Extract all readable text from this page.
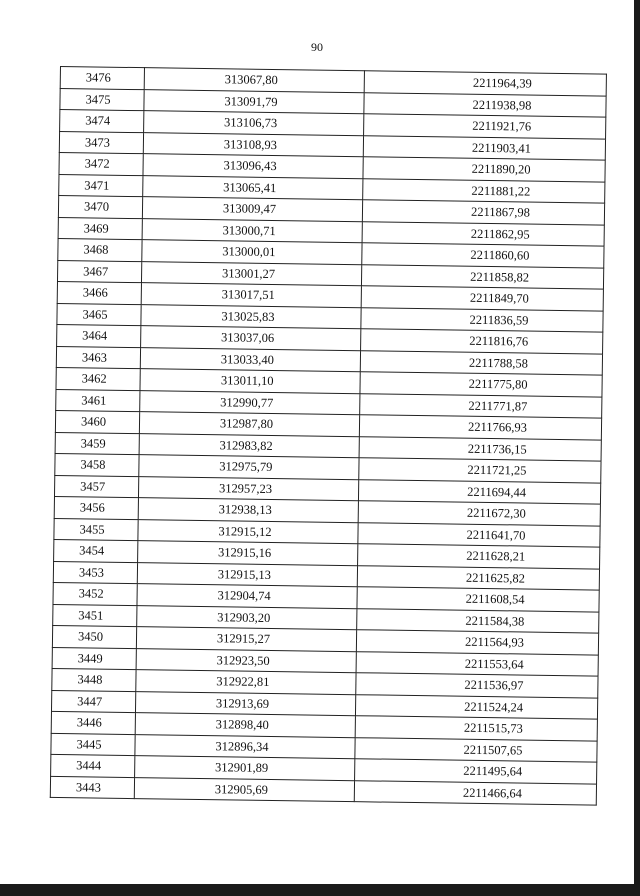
90
3476	313067,80	2211964,39
3475	313091,79	2211938,98
3474	313106,73	2211921,76
3473	313108,93	2211903,41
3472	313096,43	2211890,20
3471	313065,41	2211881,22
3470	313009,47	2211867,98
3469	313000,71	2211862,95
3468	313000,01	2211860,60
3467	313001,27	2211858,82
3466	313017,51	2211849,70
3465	313025,83	2211836,59
3464	313037,06	2211816,76
3463	313033,40	2211788,58
3462	313011,10	2211775,80
3461	312990,77	2211771,87
3460	312987,80	2211766,93
3459	312983,82	2211736,15
3458	312975,79	2211721,25
3457	312957,23	2211694,44
3456	312938,13	2211672,30
3455	312915,12	2211641,70
3454	312915,16	2211628,21
3453	312915,13	2211625,82
3452	312904,74	2211608,54
3451	312903,20	2211584,38
3450	312915,27	2211564,93
3449	312923,50	2211553,64
3448	312922,81	2211536,97
3447	312913,69	2211524,24
3446	312898,40	2211515,73
3445	312896,34	2211507,65
3444	312901,89	2211495,64
3443	312905,69	2211466,64
